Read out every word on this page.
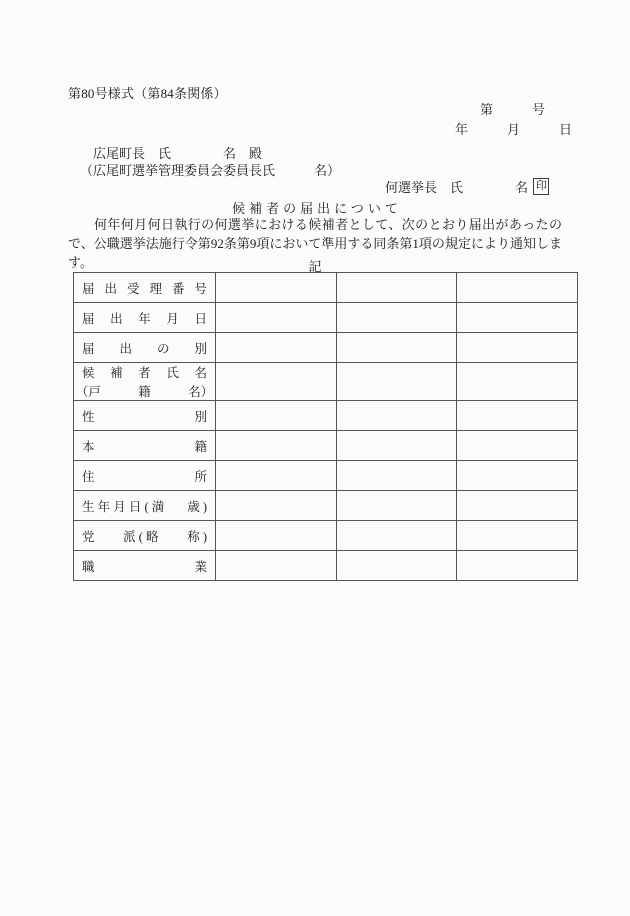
第80号様式（第84条関係）
第　　　号
年　　　月　　　日
広尾町長　氏　　　　名　殿
（広尾町選挙管理委員会委員長氏　　　名）
何選挙長　氏　　　　名 印
候補者の届出について
何年何月何日執行の何選挙における候補者として、次のとおり届出があったので、公職選挙法施行令第92条第9項において準用する同条第1項の規定により通知します。	記
届 出 受 理 番 号

届 出 年 月 日			

届 出 の 別			

候 補 者 氏 名
（戸　　　籍　　　名）

性 別			

本 籍			

住 所			

生 年 月 日 ( 満 歳 )			

党 派 ( 略 称 )			

職 業			
